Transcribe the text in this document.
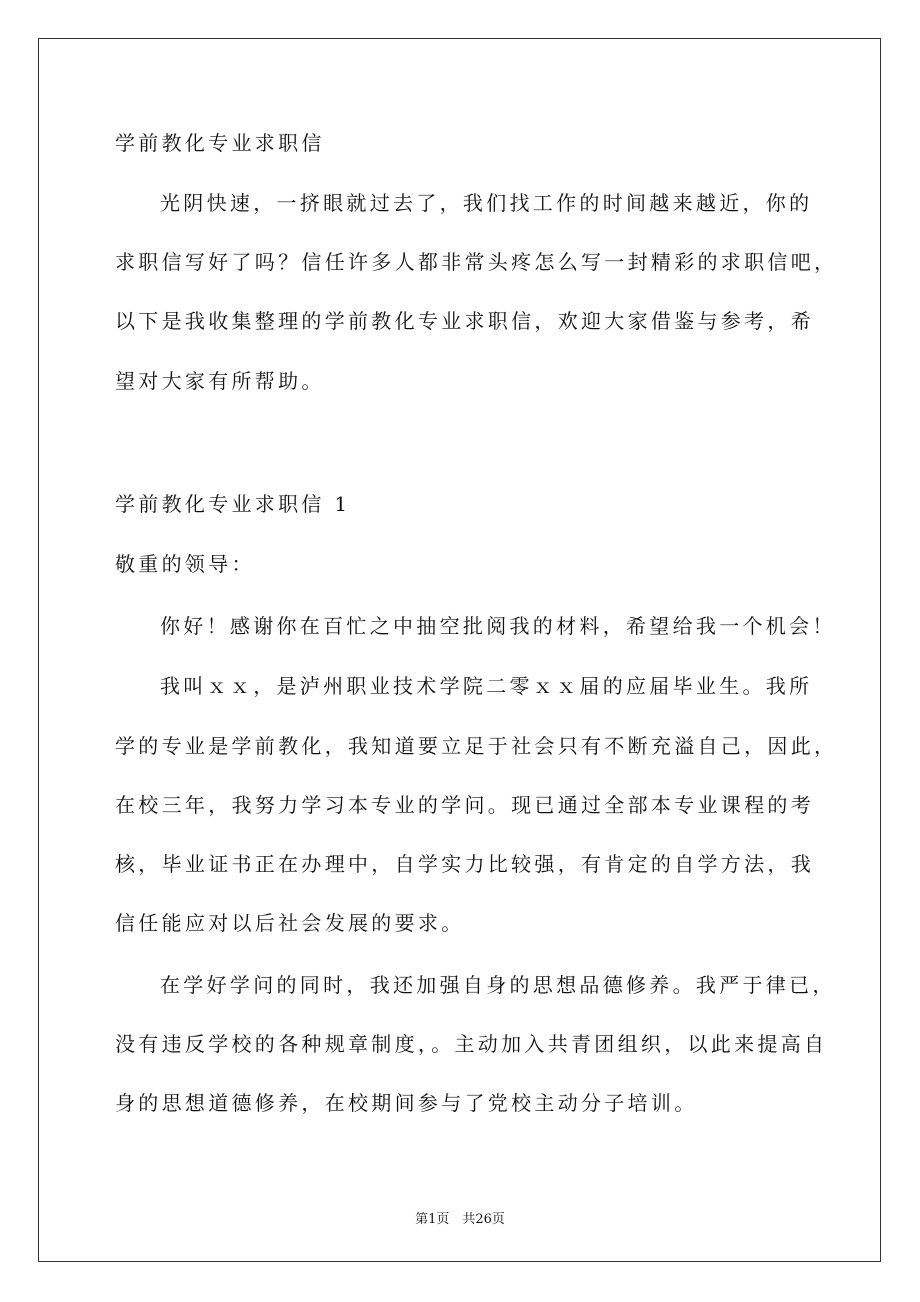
学前教化专业求职信
光阴快速，一挤眼就过去了，我们找工作的时间越来越近，你的
求职信写好了吗？信任许多人都非常头疼怎么写一封精彩的求职信吧，
以下是我收集整理的学前教化专业求职信，欢迎大家借鉴与参考，希
望对大家有所帮助。
学前教化专业求职信 1
敬重的领导：
你好！感谢你在百忙之中抽空批阅我的材料，希望给我一个机会！
我叫ｘｘ，是泸州职业技术学院二零ｘｘ届的应届毕业生。我所
学的专业是学前教化，我知道要立足于社会只有不断充溢自己，因此，
在校三年，我努力学习本专业的学问。现已通过全部本专业课程的考
核，毕业证书正在办理中，自学实力比较强，有肯定的自学方法，我
信任能应对以后社会发展的要求。
在学好学问的同时，我还加强自身的思想品德修养。我严于律已，
没有违反学校的各种规章制度，。主动加入共青团组织，以此来提高自
身的思想道德修养，在校期间参与了党校主动分子培训。
第1页　共26页
